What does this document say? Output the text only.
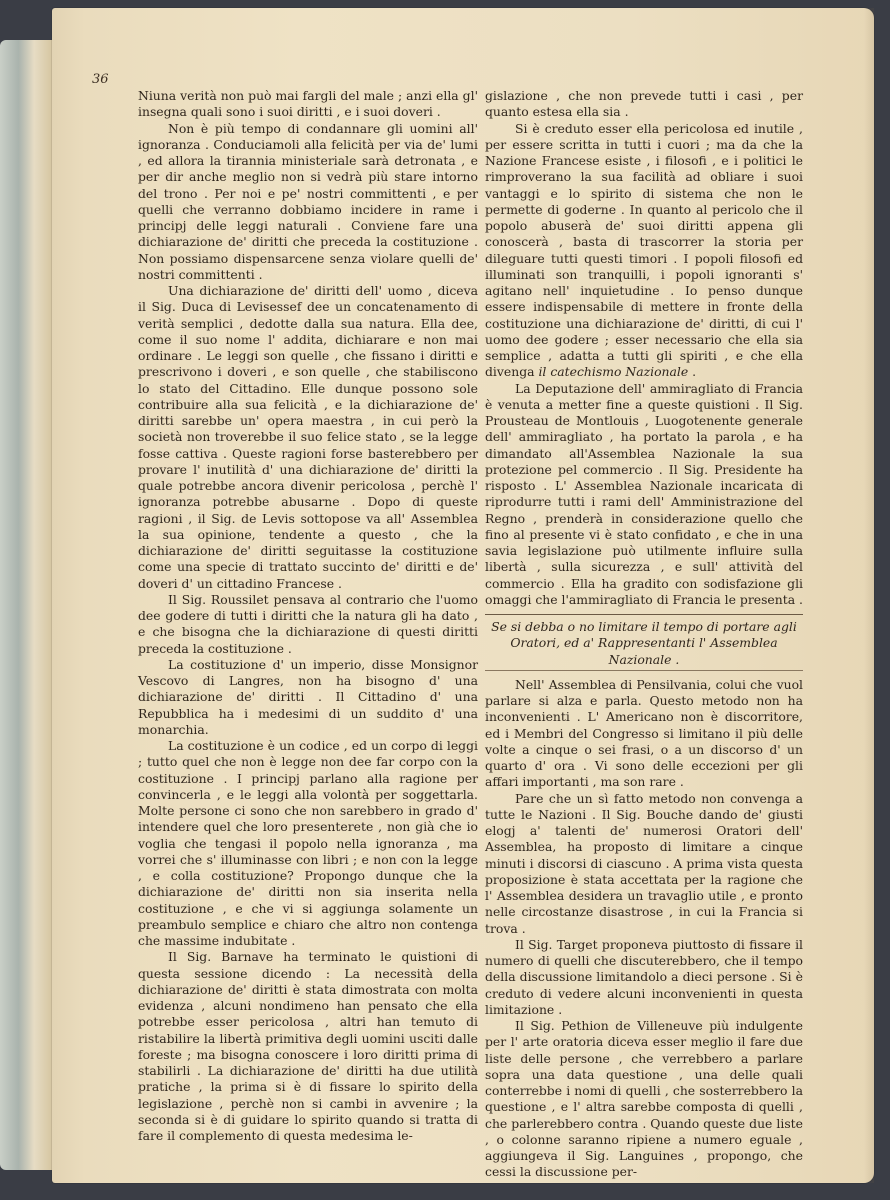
36

Niuna verità non può mai fargli del male ; anzi ella gl' insegna quali sono i suoi diritti , e i suoi doveri .

Non è più tempo di condannare gli uomini all' ignoranza . Conduciamoli alla felicità per via de' lumi , ed allora la tirannia ministeriale sarà detronata , e per dir anche meglio non si vedrà più stare intorno del trono . Per noi e pe' nostri committenti , e per quelli che verranno dobbiamo incidere in rame i principj delle leggi naturali . Conviene fare una dichiarazione de' diritti che preceda la costituzione . Non possiamo dispensarcene senza violare quelli de' nostri committenti .

Una dichiarazione de' diritti dell' uomo , diceva il Sig. Duca di Levisessef dee un concatenamento di verità semplici , dedotte dalla sua natura. Ella dee, come il suo nome l' addita, dichiarare e non mai ordinare . Le leggi son quelle , che fissano i diritti e prescrivono i doveri , e son quelle , che stabiliscono lo stato del Cittadino. Elle dunque possono sole contribuire alla sua felicità , e la dichiarazione de' diritti sarebbe un' opera maestra , in cui però la società non troverebbe il suo felice stato , se la legge fosse cattiva . Queste ragioni forse basterebbero per provare l' inutilità d' una dichiarazione de' diritti la quale potrebbe ancora divenir pericolosa , perchè l' ignoranza potrebbe abusarne . Dopo di queste ragioni , il Sig. de Levis sottopose va all' Assemblea la sua opinione, tendente a questo , che la dichiarazione de' diritti seguitasse la costituzione come una specie di trattato succinto de' diritti e de' doveri d' un cittadino Francese .

Il Sig. Roussilet pensava al contrario che l'uomo dee godere di tutti i diritti che la natura gli ha dato , e che bisogna che la dichiarazione di questi diritti preceda la costituzione .

La costituzione d' un imperio, disse Monsignor Vescovo di Langres, non ha bisogno d' una dichiarazione de' diritti . Il Cittadino d' una Repubblica ha i medesimi di un suddito d' una monarchia.

La costituzione è un codice , ed un corpo di leggi ; tutto quel che non è legge non dee far corpo con la costituzione . I principj parlano alla ragione per convincerla , e le leggi alla volontà per soggettarla. Molte persone ci sono che non sarebbero in grado d' intendere quel che loro presenterete , non già che io voglia che tengasi il popolo nella ignoranza , ma vorrei che s' illuminasse con libri ; e non con la legge , e colla costituzione? Propongo dunque che la dichiarazione de' diritti non sia inserita nella costituzione , e che vi si aggiunga solamente un preambulo semplice e chiaro che altro non contenga che massime indubitate .

Il Sig. Barnave ha terminato le quistioni di questa sessione dicendo : La necessità della dichiarazione de' diritti è stata dimostrata con molta evidenza , alcuni nondimeno han pensato che ella potrebbe esser pericolosa , altri han temuto di ristabilire la libertà primitiva degli uomini usciti dalle foreste ; ma bisogna conoscere i loro diritti prima di stabilirli . La dichiarazione de' diritti ha due utilità pratiche , la prima si è di fissare lo spirito della legislazione , perchè non si cambi in avvenire ; la seconda si è di guidare lo spirito quando si tratta di fare il complemento di questa medesima le-

gislazione , che non prevede tutti i casi , per quanto estesa ella sia .

Si è creduto esser ella pericolosa ed inutile , per essere scritta in tutti i cuori ; ma da che la Nazione Francese esiste , i filosofi , e i politici le rimproverano la sua facilità ad obliare i suoi vantaggi e lo spirito di sistema che non le permette di goderne . In quanto al pericolo che il popolo abuserà de' suoi diritti appena gli conoscerà , basta di trascorrer la storia per dileguare tutti questi timori . I popoli filosofi ed illuminati son tranquilli, i popoli ignoranti s' agitano nell' inquietudine . Io penso dunque essere indispensabile di mettere in fronte della costituzione una dichiarazione de' diritti, di cui l' uomo dee godere ; esser necessario che ella sia semplice , adatta a tutti gli spiriti , e che ella divenga il catechismo Nazionale .

La Deputazione dell' ammiragliato di Francia è venuta a metter fine a queste quistioni . Il Sig. Prousteau de Montlouis , Luogotenente generale dell' ammiragliato , ha portato la parola , e ha dimandato all'Assemblea Nazionale la sua protezione pel commercio . Il Sig. Presidente ha risposto . L' Assemblea Nazionale incaricata di riprodurre tutti i rami dell' Amministrazione del Regno , prenderà in considerazione quello che fino al presente vi è stato confidato , e che in una savia legislazione può utilmente influire sulla libertà , sulla sicurezza , e sull' attività del commercio . Ella ha gradito con sodisfazione gli omaggi che l'ammiragliato di Francia le presenta .

Se si debba o no limitare il tempo di portare agli Oratori, ed a' Rappresentanti l' Assemblea Nazionale .

Nell' Assemblea di Pensilvania, colui che vuol parlare si alza e parla. Questo metodo non ha inconvenienti . L' Americano non è discorritore, ed i Membri del Congresso si limitano il più delle volte a cinque o sei frasi, o a un discorso d' un quarto d' ora . Vi sono delle eccezioni per gli affari importanti , ma son rare .

Pare che un sì fatto metodo non convenga a tutte le Nazioni . Il Sig. Bouche dando de' giusti elogj a' talenti de' numerosi Oratori dell' Assemblea, ha proposto di limitare a cinque minuti i discorsi di ciascuno . A prima vista questa proposizione è stata accettata per la ragione che l' Assemblea desidera un travaglio utile , e pronto nelle circostanze disastrose , in cui la Francia si trova .

Il Sig. Target proponeva piuttosto di fissare il numero di quelli che discuterebbero, che il tempo della discussione limitandolo a dieci persone . Si è creduto di vedere alcuni inconvenienti in questa limitazione .

Il Sig. Pethion de Villeneuve più indulgente per l' arte oratoria diceva esser meglio il fare due liste delle persone , che verrebbero a parlare sopra una data questione , una delle quali conterrebbe i nomi di quelli , che sosterrebbero la questione , e l' altra sarebbe composta di quelli , che parlerebbero contra . Quando queste due liste , o colonne saranno ripiene a numero eguale , aggiungeva il Sig. Languines , propongo, che cessi la discussione per-
